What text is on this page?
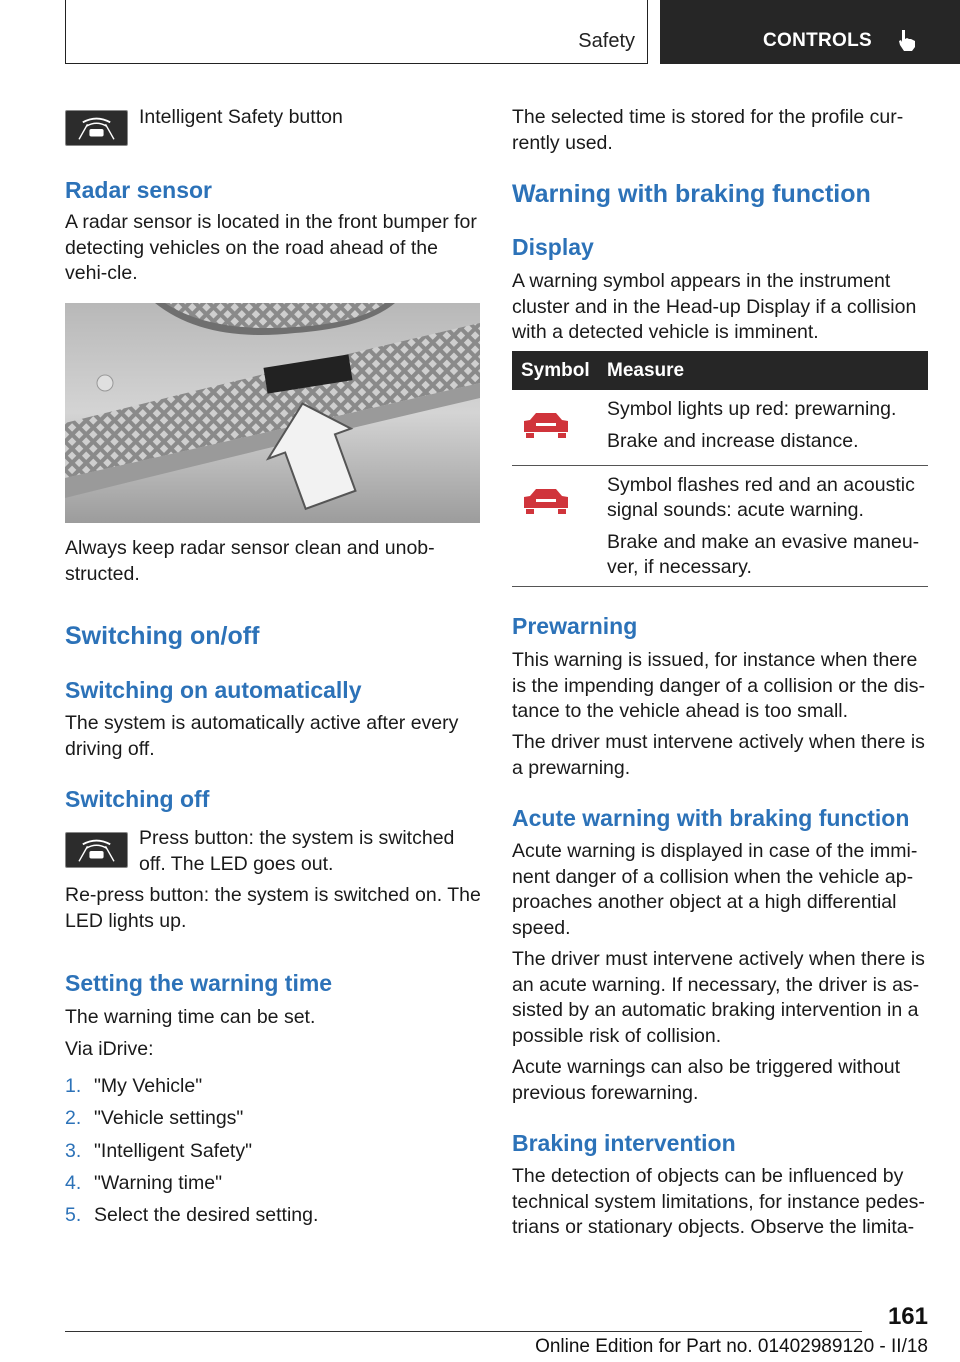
Safety	CONTROLS
Intelligent Safety button
Radar sensor
A radar sensor is located in the front bumper for detecting vehicles on the road ahead of the vehi-cle.
Always keep radar sensor clean and unob-structed.
Switching on/off
Switching on automatically
The system is automatically active after every driving off.
Switching off
Press button: the system is switched off. The LED goes out.
Re-press button: the system is switched on. The LED lights up.
Setting the warning time
The warning time can be set.
Via iDrive:
1. "My Vehicle"
2. "Vehicle settings"
3. "Intelligent Safety"
4. "Warning time"
5. Select the desired setting.
The selected time is stored for the profile cur-rently used.
Warning with braking function
Display
A warning symbol appears in the instrument cluster and in the Head-up Display if a collision with a detected vehicle is imminent.
Symbol Measure
Symbol lights up red: prewarning.
Brake and increase distance.
Symbol flashes red and an acoustic signal sounds: acute warning.
Brake and make an evasive maneu-ver, if necessary.
Prewarning
This warning is issued, for instance when there is the impending danger of a collision or the dis-tance to the vehicle ahead is too small.
The driver must intervene actively when there is a prewarning.
Acute warning with braking function
Acute warning is displayed in case of the immi-nent danger of a collision when the vehicle ap-proaches another object at a high differential speed.
The driver must intervene actively when there is an acute warning. If necessary, the driver is as-sisted by an automatic braking intervention in a possible risk of collision.
Acute warnings can also be triggered without previous forewarning.
Braking intervention
The detection of objects can be influenced by technical system limitations, for instance pedes-trians or stationary objects. Observe the limita-
161
Online Edition for Part no. 01402989120 - II/18
